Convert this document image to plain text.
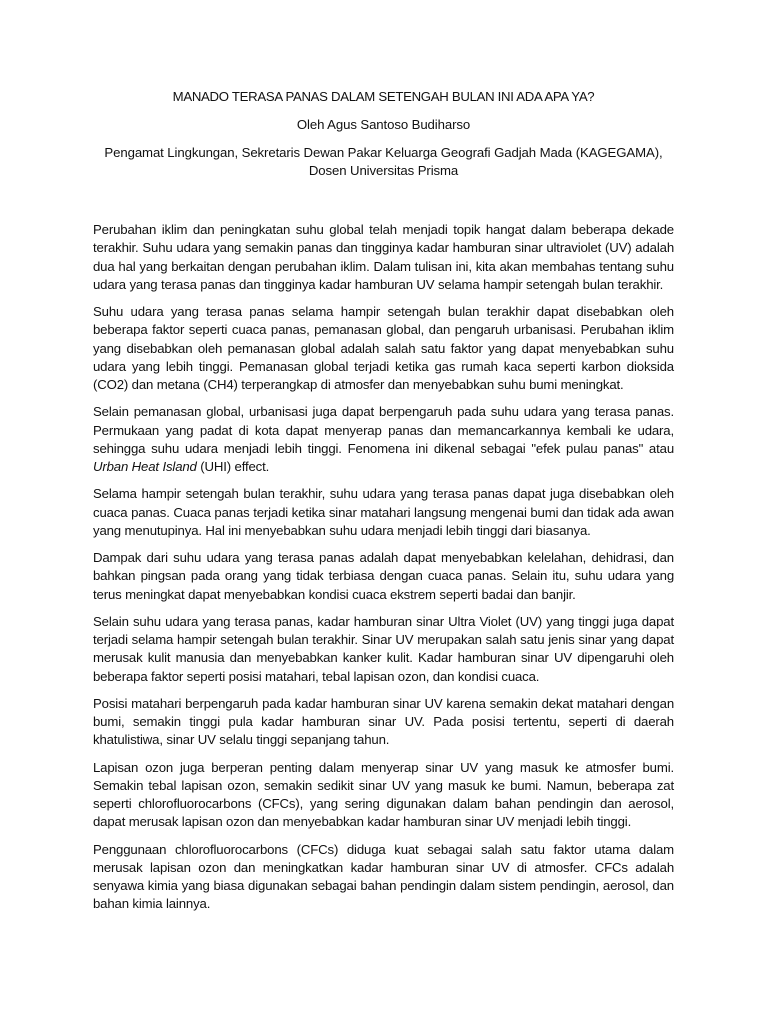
MANADO TERASA PANAS DALAM SETENGAH BULAN INI ADA APA YA?
Oleh Agus Santoso Budiharso
Pengamat Lingkungan, Sekretaris Dewan Pakar Keluarga Geografi Gadjah Mada (KAGEGAMA),
Dosen Universitas Prisma

Perubahan iklim dan peningkatan suhu global telah menjadi topik hangat dalam beberapa dekade terakhir. Suhu udara yang semakin panas dan tingginya kadar hamburan sinar ultraviolet (UV) adalah dua hal yang berkaitan dengan perubahan iklim. Dalam tulisan ini, kita akan membahas tentang suhu udara yang terasa panas dan tingginya kadar hamburan UV selama hampir setengah bulan terakhir.

Suhu udara yang terasa panas selama hampir setengah bulan terakhir dapat disebabkan oleh beberapa faktor seperti cuaca panas, pemanasan global, dan pengaruh urbanisasi. Perubahan iklim yang disebabkan oleh pemanasan global adalah salah satu faktor yang dapat menyebabkan suhu udara yang lebih tinggi. Pemanasan global terjadi ketika gas rumah kaca seperti karbon dioksida (CO2) dan metana (CH4) terperangkap di atmosfer dan menyebabkan suhu bumi meningkat.

Selain pemanasan global, urbanisasi juga dapat berpengaruh pada suhu udara yang terasa panas. Permukaan yang padat di kota dapat menyerap panas dan memancarkannya kembali ke udara, sehingga suhu udara menjadi lebih tinggi. Fenomena ini dikenal sebagai "efek pulau panas" atau Urban Heat Island (UHI) effect.

Selama hampir setengah bulan terakhir, suhu udara yang terasa panas dapat juga disebabkan oleh cuaca panas. Cuaca panas terjadi ketika sinar matahari langsung mengenai bumi dan tidak ada awan yang menutupinya. Hal ini menyebabkan suhu udara menjadi lebih tinggi dari biasanya.

Dampak dari suhu udara yang terasa panas adalah dapat menyebabkan kelelahan, dehidrasi, dan bahkan pingsan pada orang yang tidak terbiasa dengan cuaca panas. Selain itu, suhu udara yang terus meningkat dapat menyebabkan kondisi cuaca ekstrem seperti badai dan banjir.

Selain suhu udara yang terasa panas, kadar hamburan sinar Ultra Violet (UV) yang tinggi juga dapat terjadi selama hampir setengah bulan terakhir. Sinar UV merupakan salah satu jenis sinar yang dapat merusak kulit manusia dan menyebabkan kanker kulit. Kadar hamburan sinar UV dipengaruhi oleh beberapa faktor seperti posisi matahari, tebal lapisan ozon, dan kondisi cuaca.

Posisi matahari berpengaruh pada kadar hamburan sinar UV karena semakin dekat matahari dengan bumi, semakin tinggi pula kadar hamburan sinar UV. Pada posisi tertentu, seperti di daerah khatulistiwa, sinar UV selalu tinggi sepanjang tahun.

Lapisan ozon juga berperan penting dalam menyerap sinar UV yang masuk ke atmosfer bumi. Semakin tebal lapisan ozon, semakin sedikit sinar UV yang masuk ke bumi. Namun, beberapa zat seperti chlorofluorocarbons (CFCs), yang sering digunakan dalam bahan pendingin dan aerosol, dapat merusak lapisan ozon dan menyebabkan kadar hamburan sinar UV menjadi lebih tinggi.

Penggunaan chlorofluorocarbons (CFCs) diduga kuat sebagai salah satu faktor utama dalam merusak lapisan ozon dan meningkatkan kadar hamburan sinar UV di atmosfer. CFCs adalah senyawa kimia yang biasa digunakan sebagai bahan pendingin dalam sistem pendingin, aerosol, dan bahan kimia lainnya.
